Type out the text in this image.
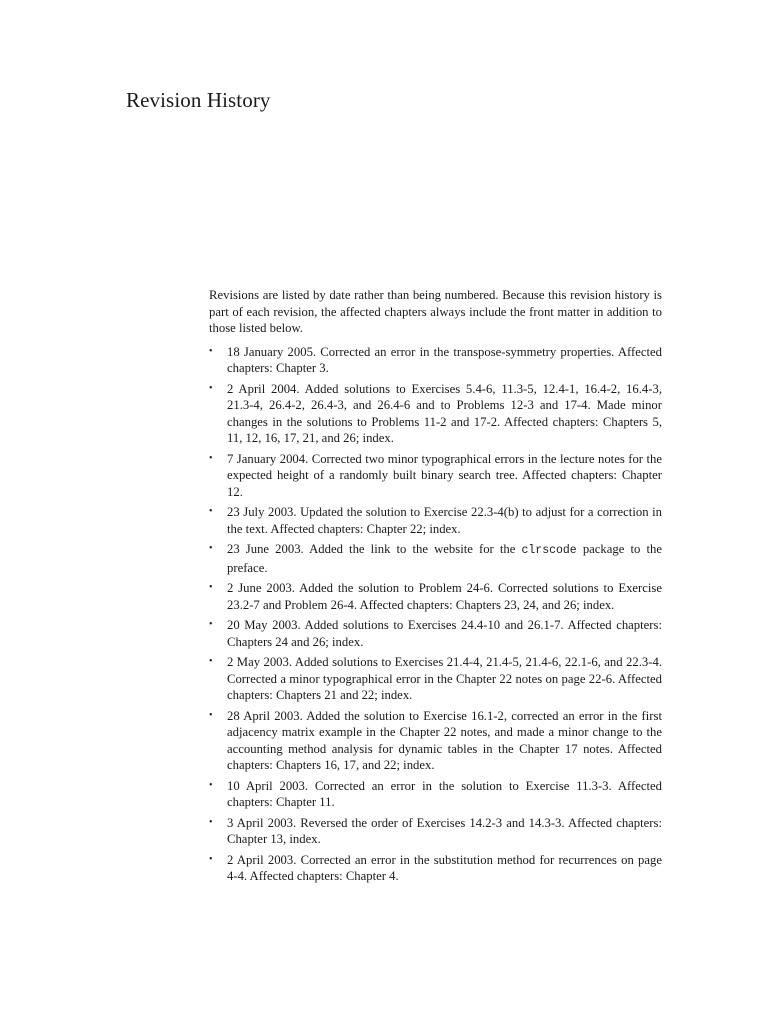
Revision History

Revisions are listed by date rather than being numbered. Because this revision history is part of each revision, the affected chapters always include the front matter in addition to those listed below.

• 18 January 2005. Corrected an error in the transpose-symmetry properties. Affected chapters: Chapter 3.
• 2 April 2004. Added solutions to Exercises 5.4-6, 11.3-5, 12.4-1, 16.4-2, 16.4-3, 21.3-4, 26.4-2, 26.4-3, and 26.4-6 and to Problems 12-3 and 17-4. Made minor changes in the solutions to Problems 11-2 and 17-2. Affected chapters: Chapters 5, 11, 12, 16, 17, 21, and 26; index.
• 7 January 2004. Corrected two minor typographical errors in the lecture notes for the expected height of a randomly built binary search tree. Affected chapters: Chapter 12.
• 23 July 2003. Updated the solution to Exercise 22.3-4(b) to adjust for a correction in the text. Affected chapters: Chapter 22; index.
• 23 June 2003. Added the link to the website for the clrscode package to the preface.
• 2 June 2003. Added the solution to Problem 24-6. Corrected solutions to Exercise 23.2-7 and Problem 26-4. Affected chapters: Chapters 23, 24, and 26; index.
• 20 May 2003. Added solutions to Exercises 24.4-10 and 26.1-7. Affected chapters: Chapters 24 and 26; index.
• 2 May 2003. Added solutions to Exercises 21.4-4, 21.4-5, 21.4-6, 22.1-6, and 22.3-4. Corrected a minor typographical error in the Chapter 22 notes on page 22-6. Affected chapters: Chapters 21 and 22; index.
• 28 April 2003. Added the solution to Exercise 16.1-2, corrected an error in the first adjacency matrix example in the Chapter 22 notes, and made a minor change to the accounting method analysis for dynamic tables in the Chapter 17 notes. Affected chapters: Chapters 16, 17, and 22; index.
• 10 April 2003. Corrected an error in the solution to Exercise 11.3-3. Affected chapters: Chapter 11.
• 3 April 2003. Reversed the order of Exercises 14.2-3 and 14.3-3. Affected chapters: Chapter 13, index.
• 2 April 2003. Corrected an error in the substitution method for recurrences on page 4-4. Affected chapters: Chapter 4.
